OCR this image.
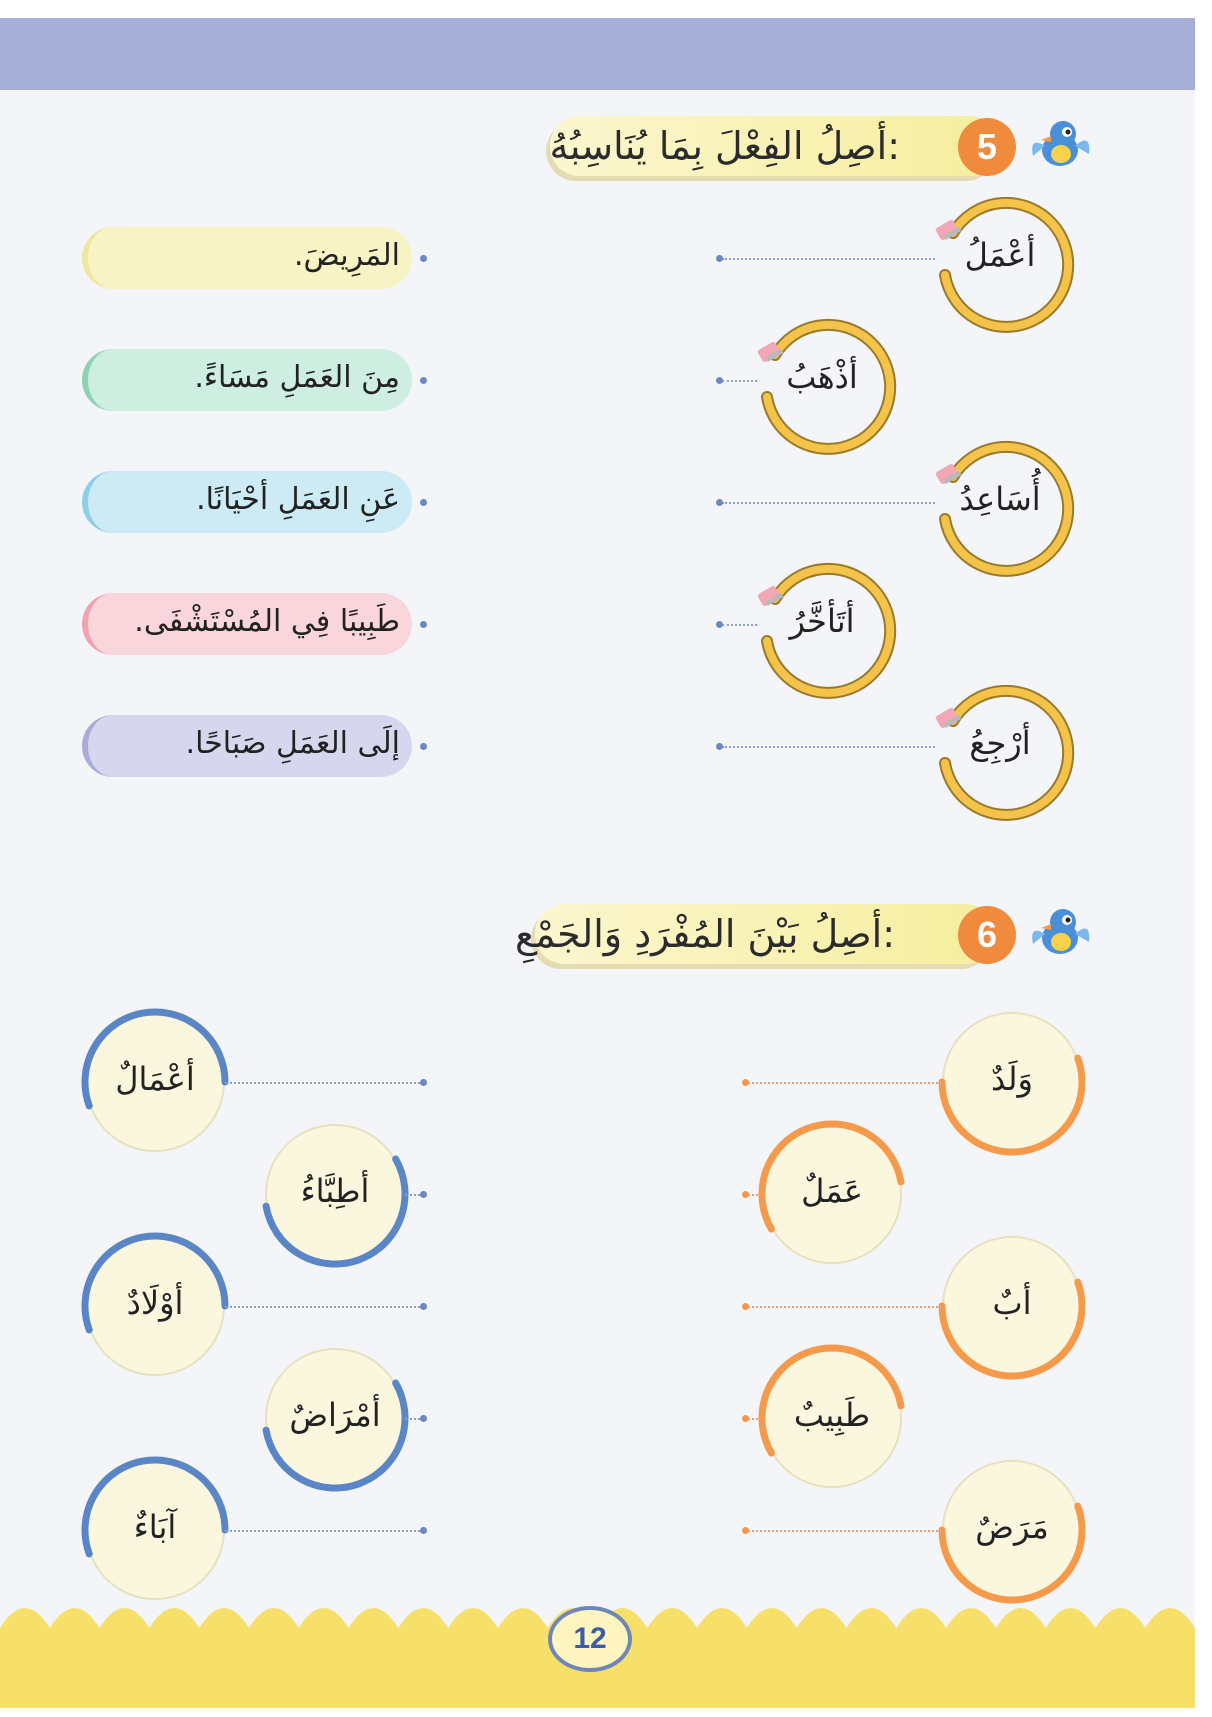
أصِلُ الفِعْلَ بِمَا يُنَاسِبُهُ:	5
أعْمَلُ
أذْهَبُ
أُسَاعِدُ
أتَأخَّرُ
أرْجِعُ
المَرِيضَ.
مِنَ العَمَلِ مَسَاءً.
عَنِ العَمَلِ أحْيَانًا.
طَبِيبًا فِي المُسْتَشْفَى.
إلَى العَمَلِ صَبَاحًا.
أصِلُ بَيْنَ المُفْرَدِ وَالجَمْعِ:	6
وَلَدٌ
عَمَلٌ
أبٌ
طَبِيبٌ
مَرَضٌ
أعْمَالٌ
أطِبَّاءُ
أوْلَادٌ
أمْرَاضٌ
آبَاءٌ
12
